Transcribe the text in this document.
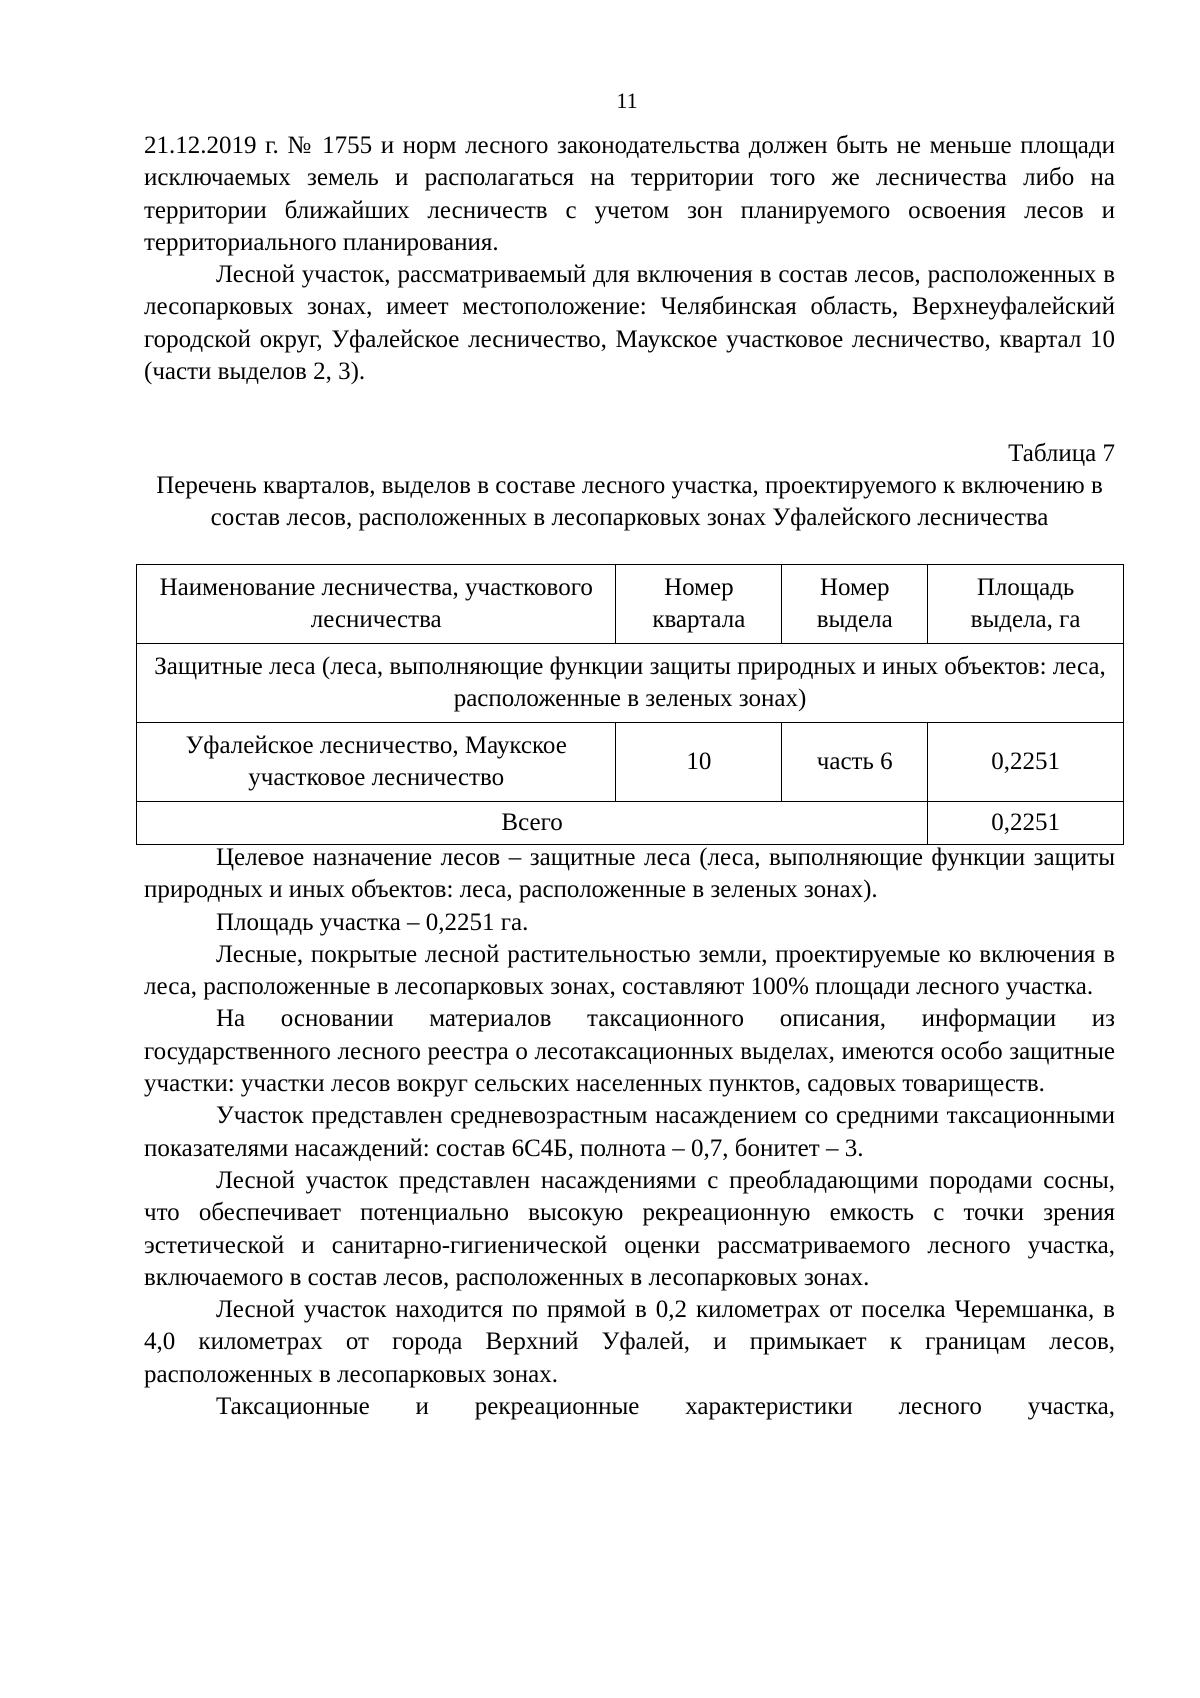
11

21.12.2019 г. № 1755 и норм лесного законодательства должен быть не меньше площади исключаемых земель и располагаться на территории того же лесничества либо на территории ближайших лесничеств с учетом зон планируемого освоения лесов и территориального планирования.

Лесной участок, рассматриваемый для включения в состав лесов, расположенных в лесопарковых зонах, имеет местоположение: Челябинская область, Верхнеуфалейский городской округ, Уфалейское лесничество, Маукское участковое лесничество, квартал 10 (части выделов 2, 3).

Таблица 7
Перечень кварталов, выделов в составе лесного участка, проектируемого к включению в состав лесов, расположенных в лесопарковых зонах Уфалейского лесничества
Наименование лесничества, участкового лесничества	Номер квартала	Номер выдела	Площадь выдела, га
Защитные леса (леса, выполняющие функции защиты природных и иных объектов: леса, расположенные в зеленых зонах)			
Уфалейское лесничество, Маукское участковое лесничество	10	часть 6	0,2251
Всего			0,2251

Целевое назначение лесов – защитные леса (леса, выполняющие функции защиты природных и иных объектов: леса, расположенные в зеленых зонах).

Площадь участка – 0,2251 га.

Лесные, покрытые лесной растительностью земли, проектируемые ко включения в леса, расположенные в лесопарковых зонах, составляют 100% площади лесного участка.

На основании материалов таксационного описания, информации из государственного лесного реестра о лесотаксационных выделах, имеются особо защитные участки: участки лесов вокруг сельских населенных пунктов, садовых товариществ.

Участок представлен средневозрастным насаждением со средними таксационными показателями насаждений: состав 6С4Б, полнота – 0,7, бонитет – 3.

Лесной участок представлен насаждениями с преобладающими породами сосны, что обеспечивает потенциально высокую рекреационную емкость с точки зрения эстетической и санитарно-гигиенической оценки рассматриваемого лесного участка, включаемого в состав лесов, расположенных в лесопарковых зонах.

Лесной участок находится по прямой в 0,2 километрах от поселка Черемшанка, в 4,0 километрах от города Верхний Уфалей, и примыкает к границам лесов, расположенных в лесопарковых зонах.

Таксационные и рекреационные характеристики лесного участка,
